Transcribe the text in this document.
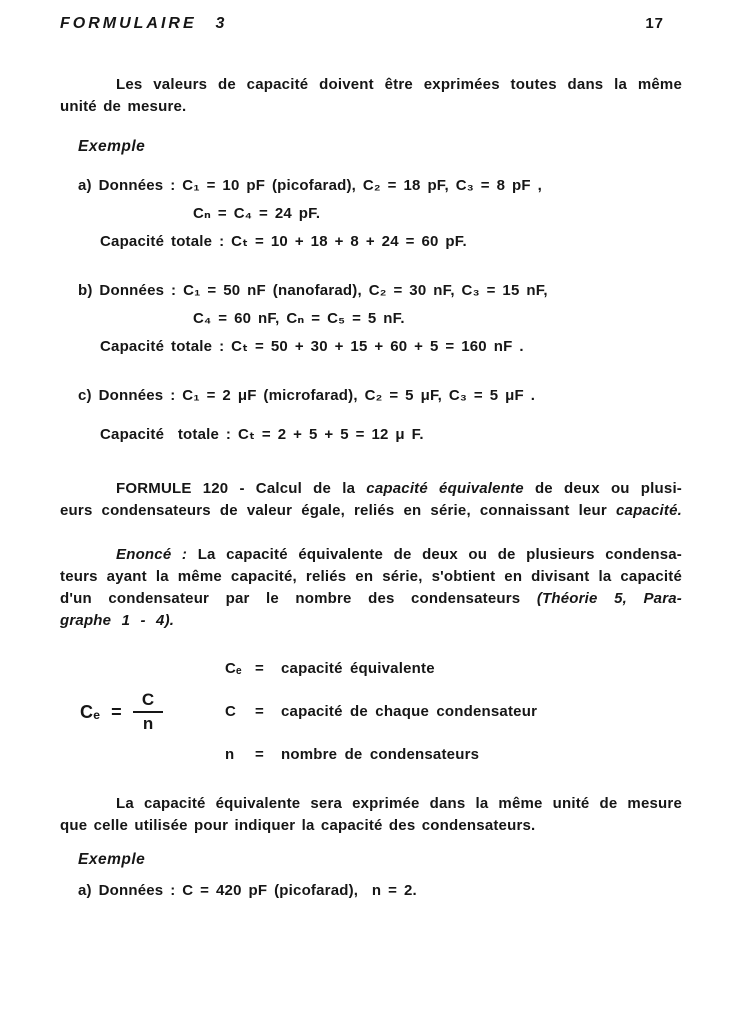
FORMULAIRE  3	17
Les valeurs de capacité doivent être exprimées toutes dans la même
unité de mesure.
Exemple
a) Données : C₁ = 10 pF (picofarad), C₂ = 18 pF, C₃ = 8 pF ,
Cₙ = C₄ = 24 pF.
Capacité totale : Cₜ = 10 + 18 + 8 + 24 = 60 pF.
b) Données : C₁ = 50 nF (nanofarad), C₂ = 30 nF, C₃ = 15 nF,
C₄ = 60 nF, Cₙ = C₅ = 5 nF.
Capacité totale : Cₜ = 50 + 30 + 15 + 60 + 5 = 160 nF .
c) Données : C₁ = 2 μF (microfarad), C₂ = 5 μF, C₃ = 5 μF .
Capacité  totale : Cₜ = 2 + 5 + 5 = 12 μ F.
FORMULE 120 - Calcul de la capacité équivalente de deux ou plusi-
eurs condensateurs de valeur égale, reliés en série, connaissant leur capacité.
Enoncé : La capacité équivalente de deux ou de plusieurs condensa-
teurs ayant la même capacité, reliés en série, s'obtient en divisant la capacité
d'un condensateur par le nombre des condensateurs (Théorie 5, Para-
graphe 1 - 4).
$C_e = \frac{C}{n}$
Cₑ =	capacité équivalente
C	=	capacité de chaque condensateur
n	=	nombre de condensateurs
La capacité équivalente sera exprimée dans la même unité de mesure
que celle utilisée pour indiquer la capacité des condensateurs.
Exemple
a) Données : C = 420 pF (picofarad),  n = 2.
